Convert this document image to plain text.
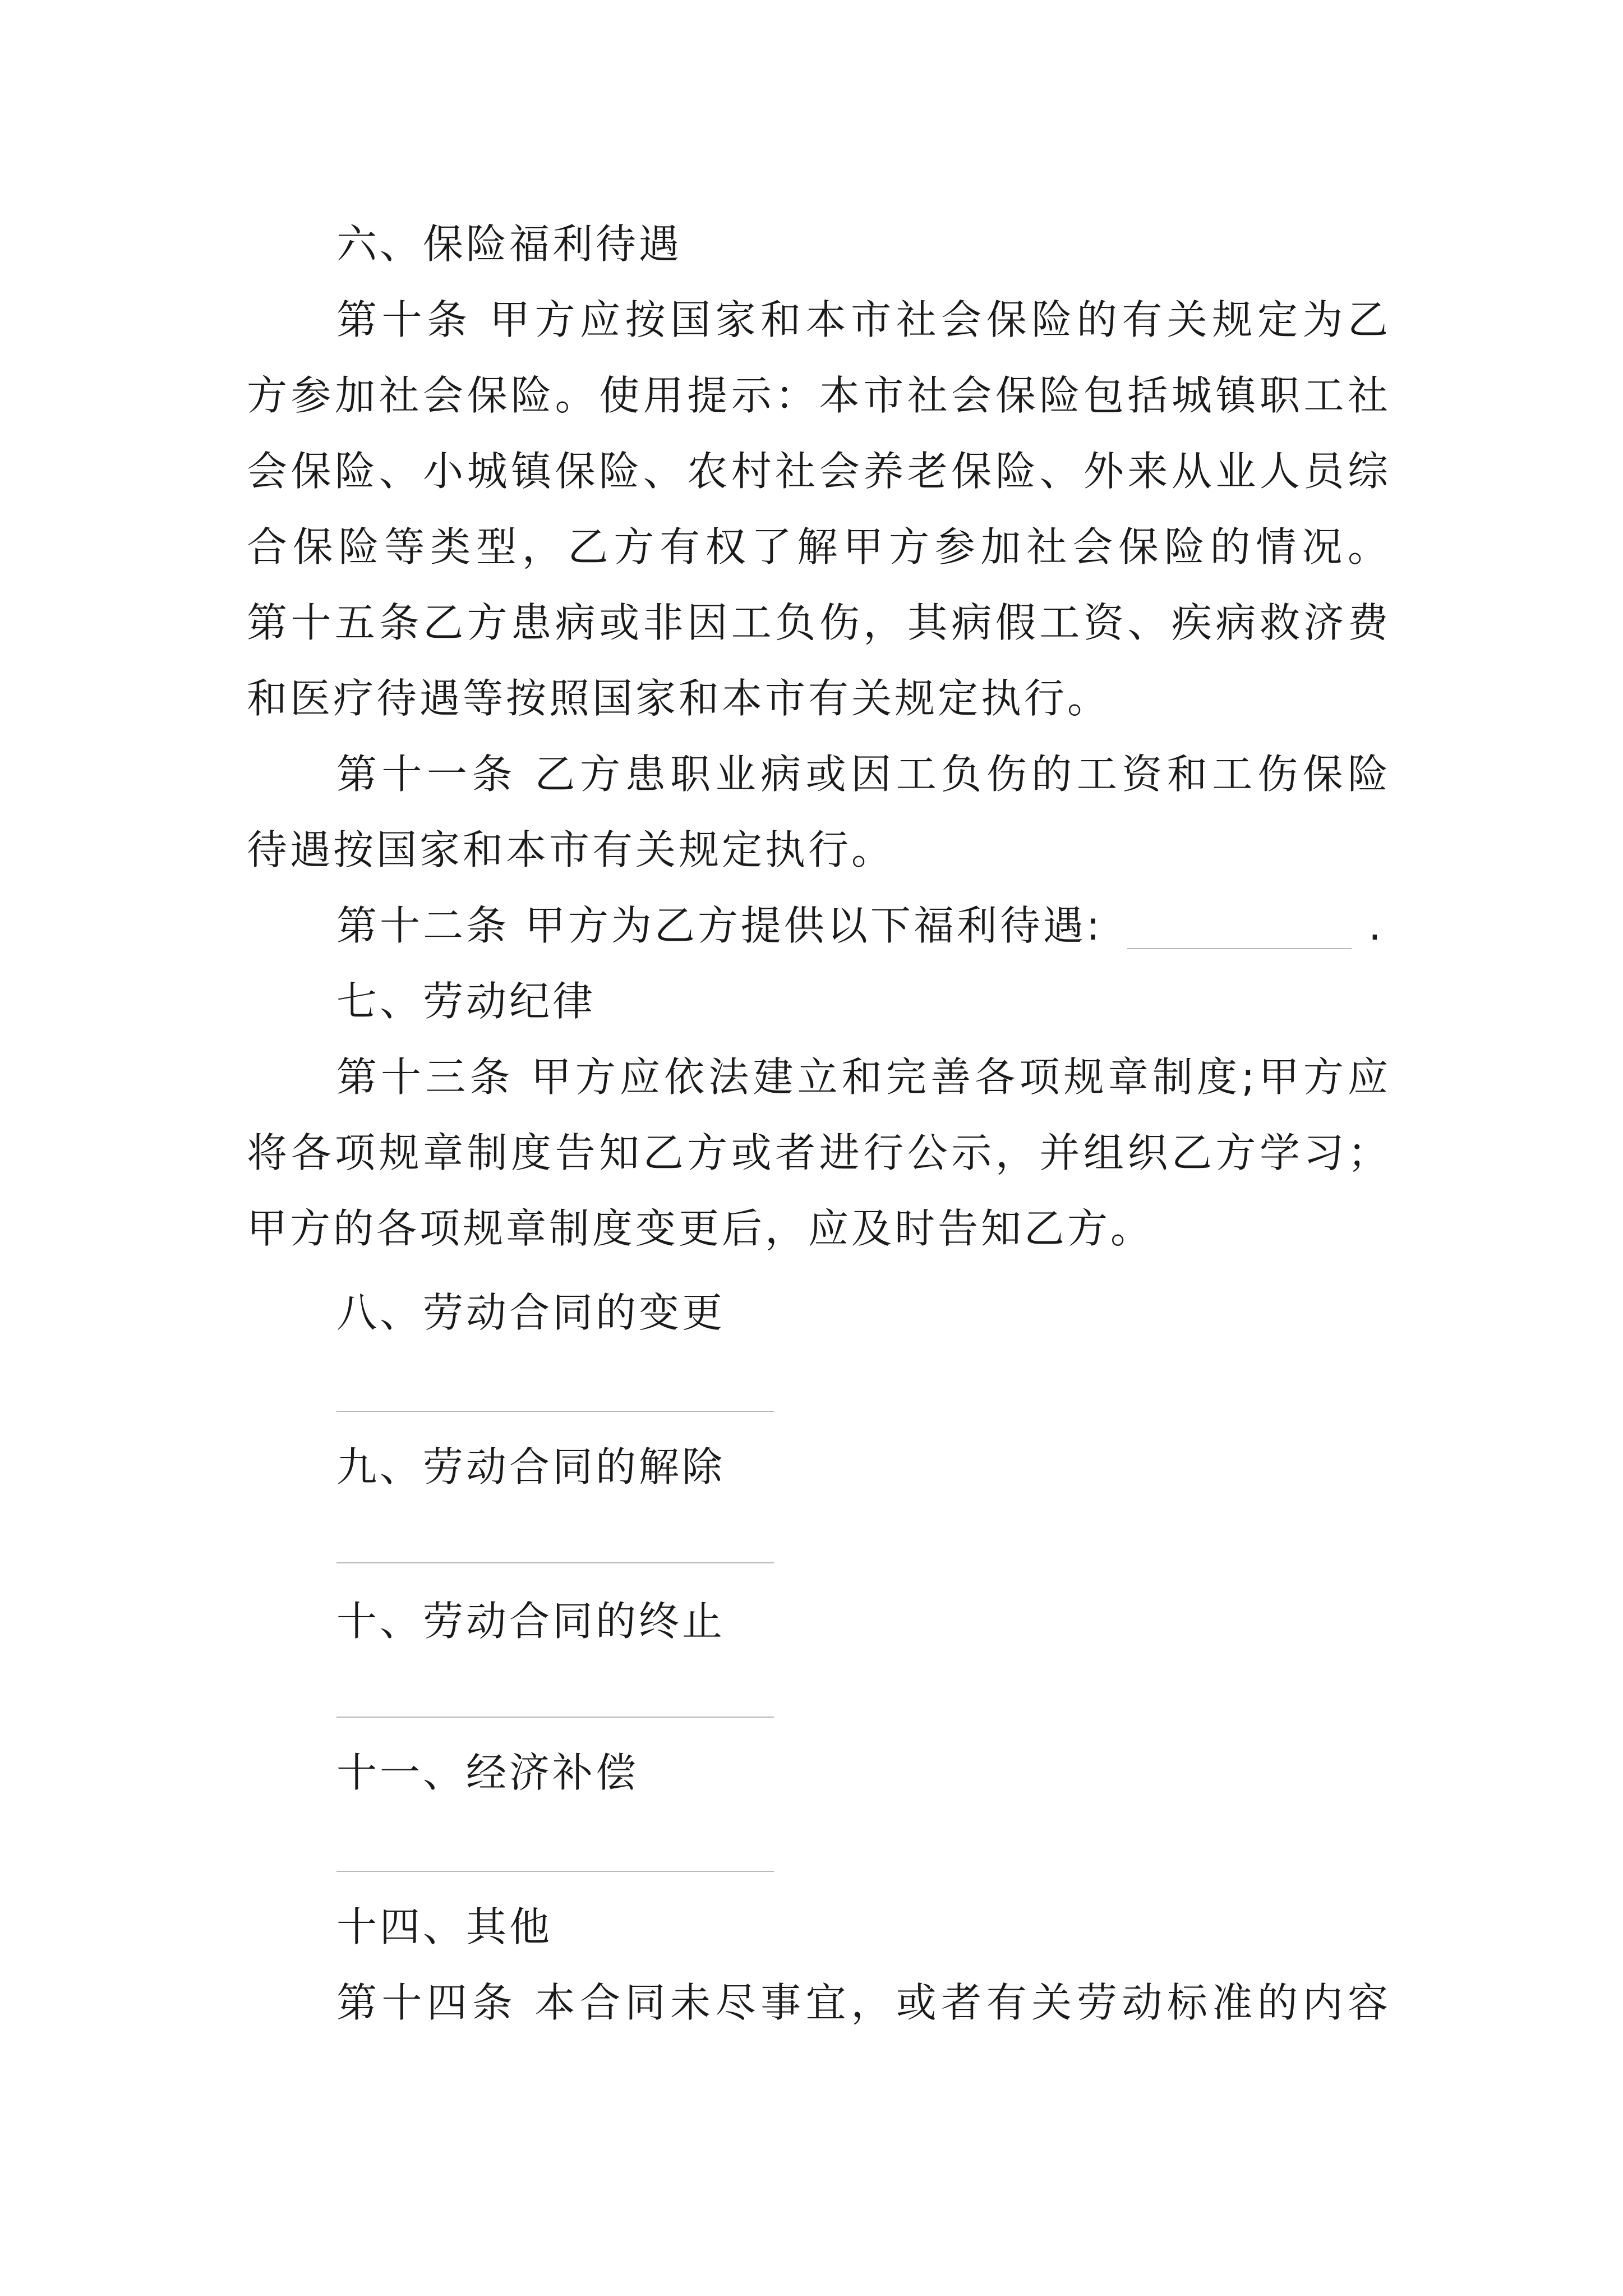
六、保险福利待遇
第十条 甲方应按国家和本市社会保险的有关规定为乙
方参加社会保险。使用提示：本市社会保险包括城镇职工社
会保险、小城镇保险、农村社会养老保险、外来从业人员综
合保险等类型，乙方有权了解甲方参加社会保险的情况。
第十五条乙方患病或非因工负伤，其病假工资、疾病救济费
和医疗待遇等按照国家和本市有关规定执行。
第十一条 乙方患职业病或因工负伤的工资和工伤保险
待遇按国家和本市有关规定执行。
第十二条 甲方为乙方提供以下福利待遇:	.
七、劳动纪律
第十三条 甲方应依法建立和完善各项规章制度;甲方应
将各项规章制度告知乙方或者进行公示，并组织乙方学习；
甲方的各项规章制度变更后，应及时告知乙方。
八、劳动合同的变更
九、劳动合同的解除
十、劳动合同的终止
十一、经济补偿
十四、其他
第十四条 本合同未尽事宜，或者有关劳动标准的内容
